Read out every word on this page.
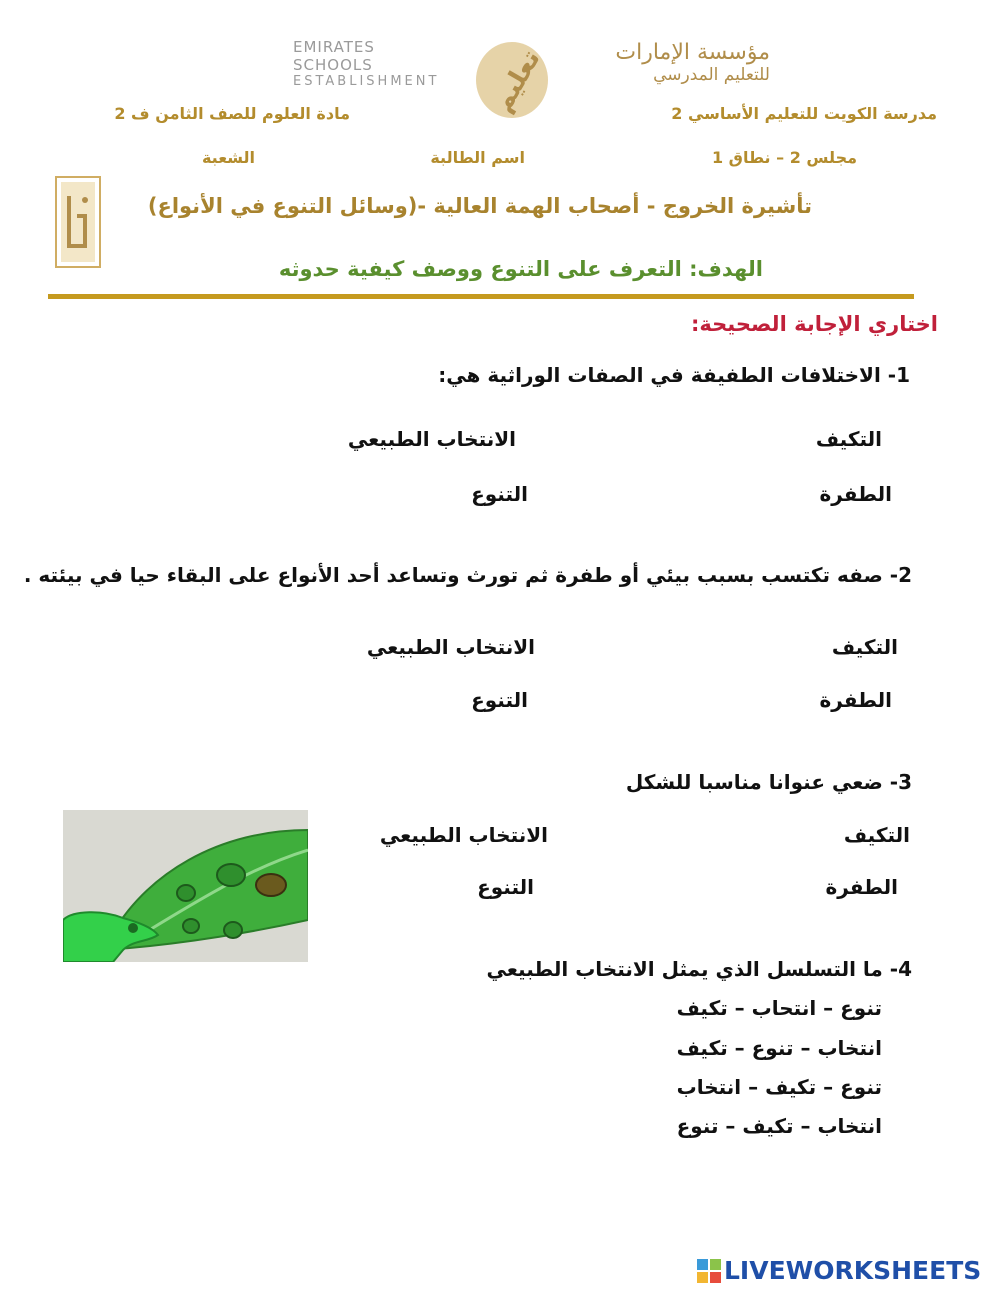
EMIRATES SCHOOLS
ESTABLISHMENT تعليم	مؤسسة الإمارات
للتعليم المدرسي
مدرسة الكويت للتعليم الأساسي 2
مادة العلوم للصف الثامن ف 2
مجلس 2 – نطاق 1
اسم الطالبة
الشعبة
تأشيرة الخروج - أصحاب الهمة العالية -(وسائل التنوع في الأنواع)
الهدف: التعرف على التنوع ووصف كيفية حدوثه
اختاري الإجابة الصحيحة:
1- الاختلافات الطفيفة في الصفات الوراثية هي:
التكيف
الانتخاب الطبيعي
الطفرة
التنوع
2- صفه تكتسب بسبب بيئي أو طفرة ثم تورث وتساعد أحد الأنواع على البقاء حيا في بيئته .
التكيف
الانتخاب الطبيعي
الطفرة
التنوع
3- ضعي عنوانا مناسبا للشكل
التكيف
الانتخاب الطبيعي
الطفرة
التنوع
4- ما التسلسل الذي يمثل الانتخاب الطبيعي
تنوع – انتحاب – تكيف
انتخاب – تنوع – تكيف
تنوع – تكيف – انتخاب
انتخاب – تكيف – تنوع
LIVEWORKSHEETS
